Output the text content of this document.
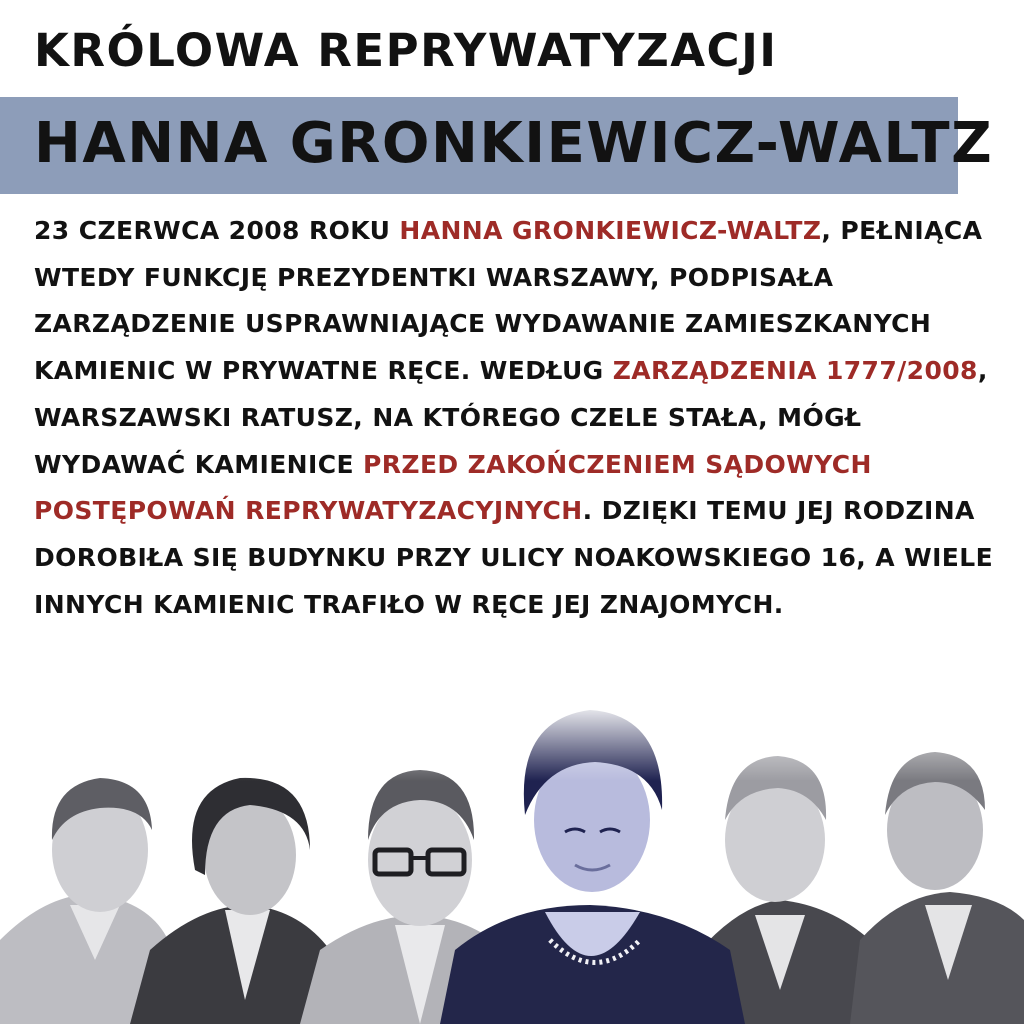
KRÓLOWA REPRYWATYZACJI
HANNA GRONKIEWICZ-WALTZ

23 CZERWCA 2008 ROKU HANNA GRONKIEWICZ-WALTZ, PEŁNIĄCA WTEDY FUNKCJĘ PREZYDENTKI WARSZAWY, PODPISAŁA ZARZĄDZENIE USPRAWNIAJĄCE WYDAWANIE ZAMIESZKANYCH KAMIENIC W PRYWATNE RĘCE. WEDŁUG ZARZĄDZENIA 1777/2008, WARSZAWSKI RATUSZ, NA KTÓREGO CZELE STAŁA, MÓGŁ WYDAWAĆ KAMIENICE PRZED ZAKOŃCZENIEM SĄDOWYCH POSTĘPOWAŃ REPRYWATYZACYJNYCH. DZIĘKI TEMU JEJ RODZINA DOROBIŁA SIĘ BUDYNKU PRZY ULICY NOAKOWSKIEGO 16, A WIELE INNYCH KAMIENIC TRAFIŁO W RĘCE JEJ ZNAJOMYCH.
